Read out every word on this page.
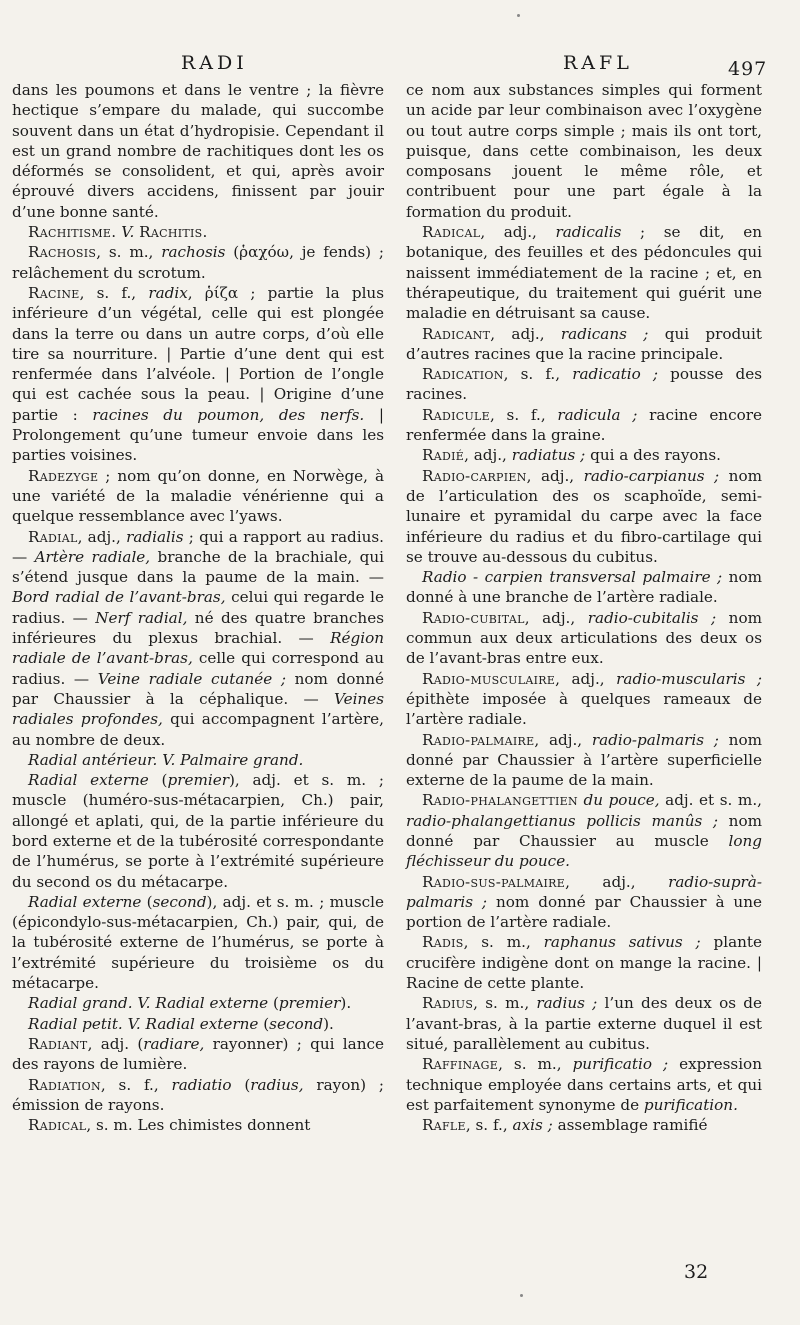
RADI	RAFL	497

dans les poumons et dans le ventre ; la fièvre hectique s’empare du malade, qui succombe souvent dans un état d’hydropisie. Cependant il est un grand nombre de rachitiques dont les os déformés se consolident, et qui, après avoir éprouvé divers accidens, finissent par jouir d’une bonne santé.

Rachitisme. V. Rachitis.

Rachosis, s. m., rachosis (ῥαχόω, je fends) ; relâchement du scrotum.

Racine, s. f., radix, ῥίζα ; partie la plus inférieure d’un végétal, celle qui est plongée dans la terre ou dans un autre corps, d’où elle tire sa nourriture. | Partie d’une dent qui est renfermée dans l’alvéole. | Portion de l’ongle qui est cachée sous la peau. | Origine d’une partie : racines du poumon, des nerfs. | Prolongement qu’une tumeur envoie dans les parties voisines.

Radezyge ; nom qu’on donne, en Norwège, à une variété de la maladie vénérienne qui a quelque ressemblance avec l’yaws.

Radial, adj., radialis ; qui a rapport au radius. — Artère radiale, branche de la brachiale, qui s’étend jusque dans la paume de la main. — Bord radial de l’avant-bras, celui qui regarde le radius. — Nerf radial, né des quatre branches inférieures du plexus brachial. — Région radiale de l’avant-bras, celle qui correspond au radius. — Veine radiale cutanée ; nom donné par Chaussier à la céphalique. — Veines radiales profondes, qui accompagnent l’artère, au nombre de deux.

Radial antérieur. V. Palmaire grand.

Radial externe (premier), adj. et s. m. ; muscle (huméro-sus-métacarpien, Ch.) pair, allongé et aplati, qui, de la partie inférieure du bord externe et de la tubérosité correspondante de l’humérus, se porte à l’extrémité supérieure du second os du métacarpe.

Radial externe (second), adj. et s. m. ; muscle (épicondylo-sus-métacarpien, Ch.) pair, qui, de la tubérosité externe de l’humérus, se porte à l’extrémité supérieure du troisième os du métacarpe.

Radial grand. V. Radial externe (premier).

Radial petit. V. Radial externe (second).

Radiant, adj. (radiare, rayonner) ; qui lance des rayons de lumière.

Radiation, s. f., radiatio (radius, rayon) ; émission de rayons.

Radical, s. m. Les chimistes donnent

ce nom aux substances simples qui forment un acide par leur combinaison avec l’oxygène ou tout autre corps simple ; mais ils ont tort, puisque, dans cette combinaison, les deux composans jouent le même rôle, et contribuent pour une part égale à la formation du produit.

Radical, adj., radicalis ; se dit, en botanique, des feuilles et des pédoncules qui naissent immédiatement de la racine ; et, en thérapeutique, du traitement qui guérit une maladie en détruisant sa cause.

Radicant, adj., radicans ; qui produit d’autres racines que la racine principale.

Radication, s. f., radicatio ; pousse des racines.

Radicule, s. f., radicula ; racine encore renfermée dans la graine.

Radié, adj., radiatus ; qui a des rayons.

Radio-carpien, adj., radio-carpianus ; nom de l’articulation des os scaphoïde, semi-lunaire et pyramidal du carpe avec la face inférieure du radius et du fibro-cartilage qui se trouve au-dessous du cubitus.

Radio - carpien transversal palmaire ; nom donné à une branche de l’artère radiale.

Radio-cubital, adj., radio-cubitalis ; nom commun aux deux articulations des deux os de l’avant-bras entre eux.

Radio-musculaire, adj., radio-muscularis ; épithète imposée à quelques rameaux de l’artère radiale.

Radio-palmaire, adj., radio-palmaris ; nom donné par Chaussier à l’artère superficielle externe de la paume de la main.

Radio-phalangettien du pouce, adj. et s. m., radio-phalangettianus pollicis manûs ; nom donné par Chaussier au muscle long fléchisseur du pouce.

Radio-sus-palmaire, adj., radio-suprà-palmaris ; nom donné par Chaussier à une portion de l’artère radiale.

Radis, s. m., raphanus sativus ; plante crucifère indigène dont on mange la racine. | Racine de cette plante.

Radius, s. m., radius ; l’un des deux os de l’avant-bras, à la partie externe duquel il est situé, parallèlement au cubitus.

Raffinage, s. m., purificatio ; expression technique employée dans certains arts, et qui est parfaitement synonyme de purification.

Rafle, s. f., axis ; assemblage ramifié

32
